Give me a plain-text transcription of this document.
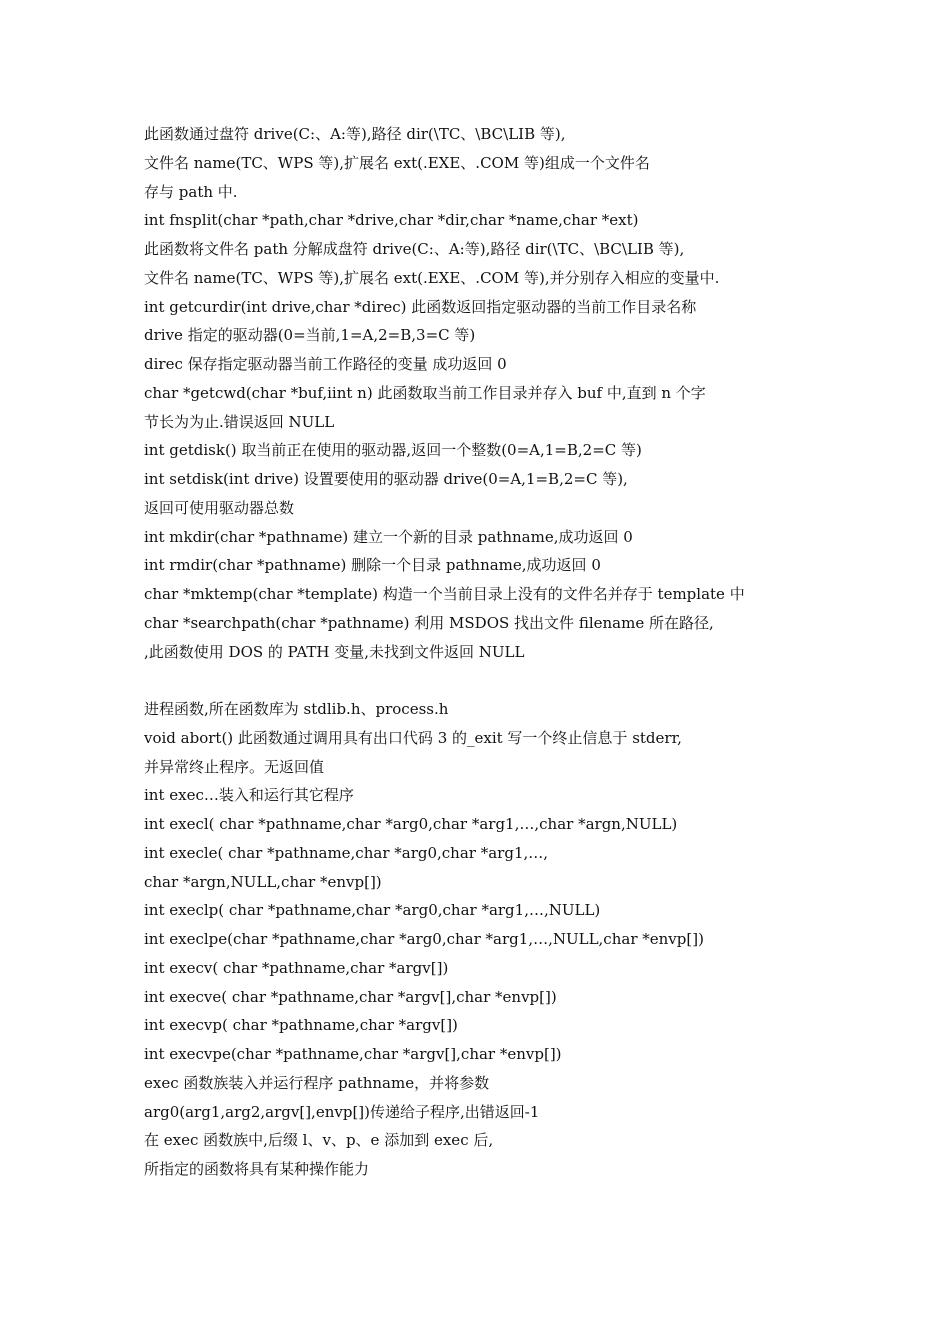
此函数通过盘符 drive(C:、A:等),路径 dir(\TC、\BC\LIB 等),
文件名 name(TC、WPS 等),扩展名 ext(.EXE、.COM 等)组成一个文件名
存与 path 中.
int fnsplit(char *path,char *drive,char *dir,char *name,char *ext)
此函数将文件名 path 分解成盘符 drive(C:、A:等),路径 dir(\TC、\BC\LIB 等),
文件名 name(TC、WPS 等),扩展名 ext(.EXE、.COM 等),并分别存入相应的变量中.
int getcurdir(int drive,char *direc) 此函数返回指定驱动器的当前工作目录名称
drive 指定的驱动器(0=当前,1=A,2=B,3=C 等)
direc 保存指定驱动器当前工作路径的变量 成功返回 0
char *getcwd(char *buf,iint n) 此函数取当前工作目录并存入 buf 中,直到 n 个字
节长为为止.错误返回 NULL
int getdisk() 取当前正在使用的驱动器,返回一个整数(0=A,1=B,2=C 等)
int setdisk(int drive) 设置要使用的驱动器 drive(0=A,1=B,2=C 等),
返回可使用驱动器总数
int mkdir(char *pathname) 建立一个新的目录 pathname,成功返回 0
int rmdir(char *pathname) 删除一个目录 pathname,成功返回 0
char *mktemp(char *template) 构造一个当前目录上没有的文件名并存于 template 中
char *searchpath(char *pathname) 利用 MSDOS 找出文件 filename 所在路径,
,此函数使用 DOS 的 PATH 变量,未找到文件返回 NULL
进程函数,所在函数库为 stdlib.h、process.h
void abort() 此函数通过调用具有出口代码 3 的_exit 写一个终止信息于 stderr,
并异常终止程序。无返回值
int exec…装入和运行其它程序
int execl( char *pathname,char *arg0,char *arg1,…,char *argn,NULL)
int execle( char *pathname,char *arg0,char *arg1,…,
char *argn,NULL,char *envp[])
int execlp( char *pathname,char *arg0,char *arg1,…,NULL)
int execlpe(char *pathname,char *arg0,char *arg1,…,NULL,char *envp[])
int execv( char *pathname,char *argv[])
int execve( char *pathname,char *argv[],char *envp[])
int execvp( char *pathname,char *argv[])
int execvpe(char *pathname,char *argv[],char *envp[])
exec 函数族装入并运行程序 pathname，并将参数
arg0(arg1,arg2,argv[],envp[])传递给子程序,出错返回-1
在 exec 函数族中,后缀 l、v、p、e 添加到 exec 后,
所指定的函数将具有某种操作能力
